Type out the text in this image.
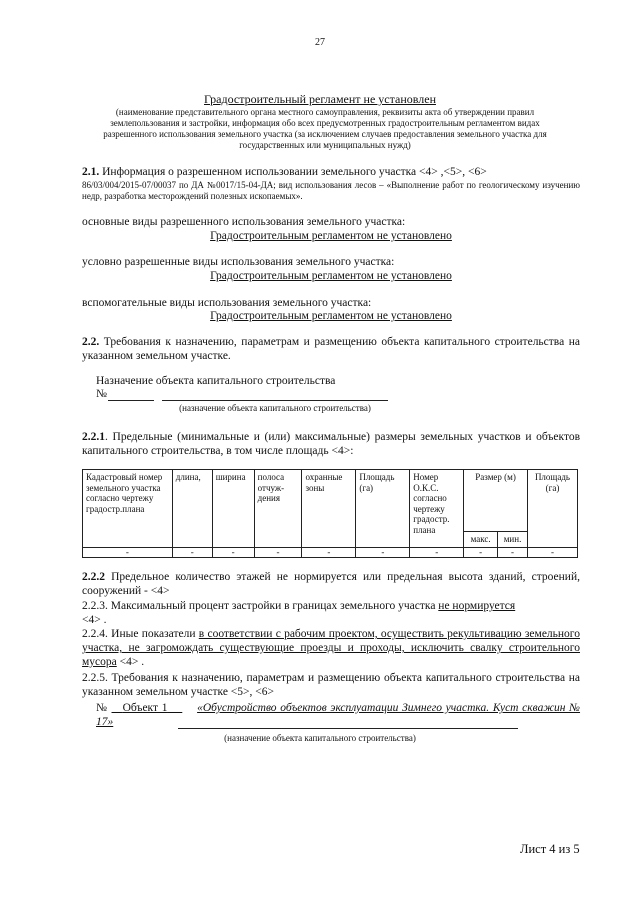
27
Градостроительный регламент не установлен
(наименование представительного органа местного самоуправления, реквизиты акта об утверждении правил землепользования и застройки, информация обо всех предусмотренных градостроительным регламентом видах разрешенного использования земельного участка (за исключением случаев предоставления земельного участка для государственных или муниципальных нужд)
2.1. Информация о разрешенном использовании земельного участка <4> ,<5>, <6>
86/03/004/2015-07/00037 по ДА №0017/15-04-ДА; вид использования лесов – «Выполнение работ по геологическому изучению недр, разработка месторождений полезных ископаемых».
основные виды разрешенного использования земельного участка:
Градостроительным регламентом не установлено
условно разрешенные виды использования земельного участка:
Градостроительным регламентом не установлено
вспомогательные виды использования земельного участка:
Градостроительным регламентом не установлено
2.2. Требования к назначению, параметрам и размещению объекта капитального строительства на указанном земельном участке.
Назначение объекта капитального строительства
№
(назначение объекта капитального строительства)
2.2.1. Предельные (минимальные и (или) максимальные) размеры земельных участков и объектов капитального строительства, в том числе площадь <4>:
Кадастровый номер земельного участка согласно чертежу градостр.плана	длина,	ширина	полоса отчуж-дения	охранные зоны	Площадь (га)	Номер О.К.С. согласно чертежу градостр. плана	Размер (м)		Площадь (га)
							макс.	мин.	
-	-	-	-	-	-	-	-	-	-
2.2.2 Предельное количество этажей не нормируется или предельная высота зданий, строений, сооружений - <4>
2.2.3. Максимальный процент застройки в границах земельного участка не нормируется
<4> .
2.2.4. Иные показатели в соответствии с рабочим проектом, осуществить рекультивацию земельного участка, не загромождать существующие проезды и проходы, исключить свалку строительного мусора <4> .
2.2.5. Требования к назначению, параметрам и размещению объекта капитального строительства на указанном земельном участке <5>, <6>
№ Объект 1	«Обустройство объектов эксплуатации Зимнего участка. Куст скважин № 17»
(назначение объекта капитального строительства)
Лист 4 из 5
